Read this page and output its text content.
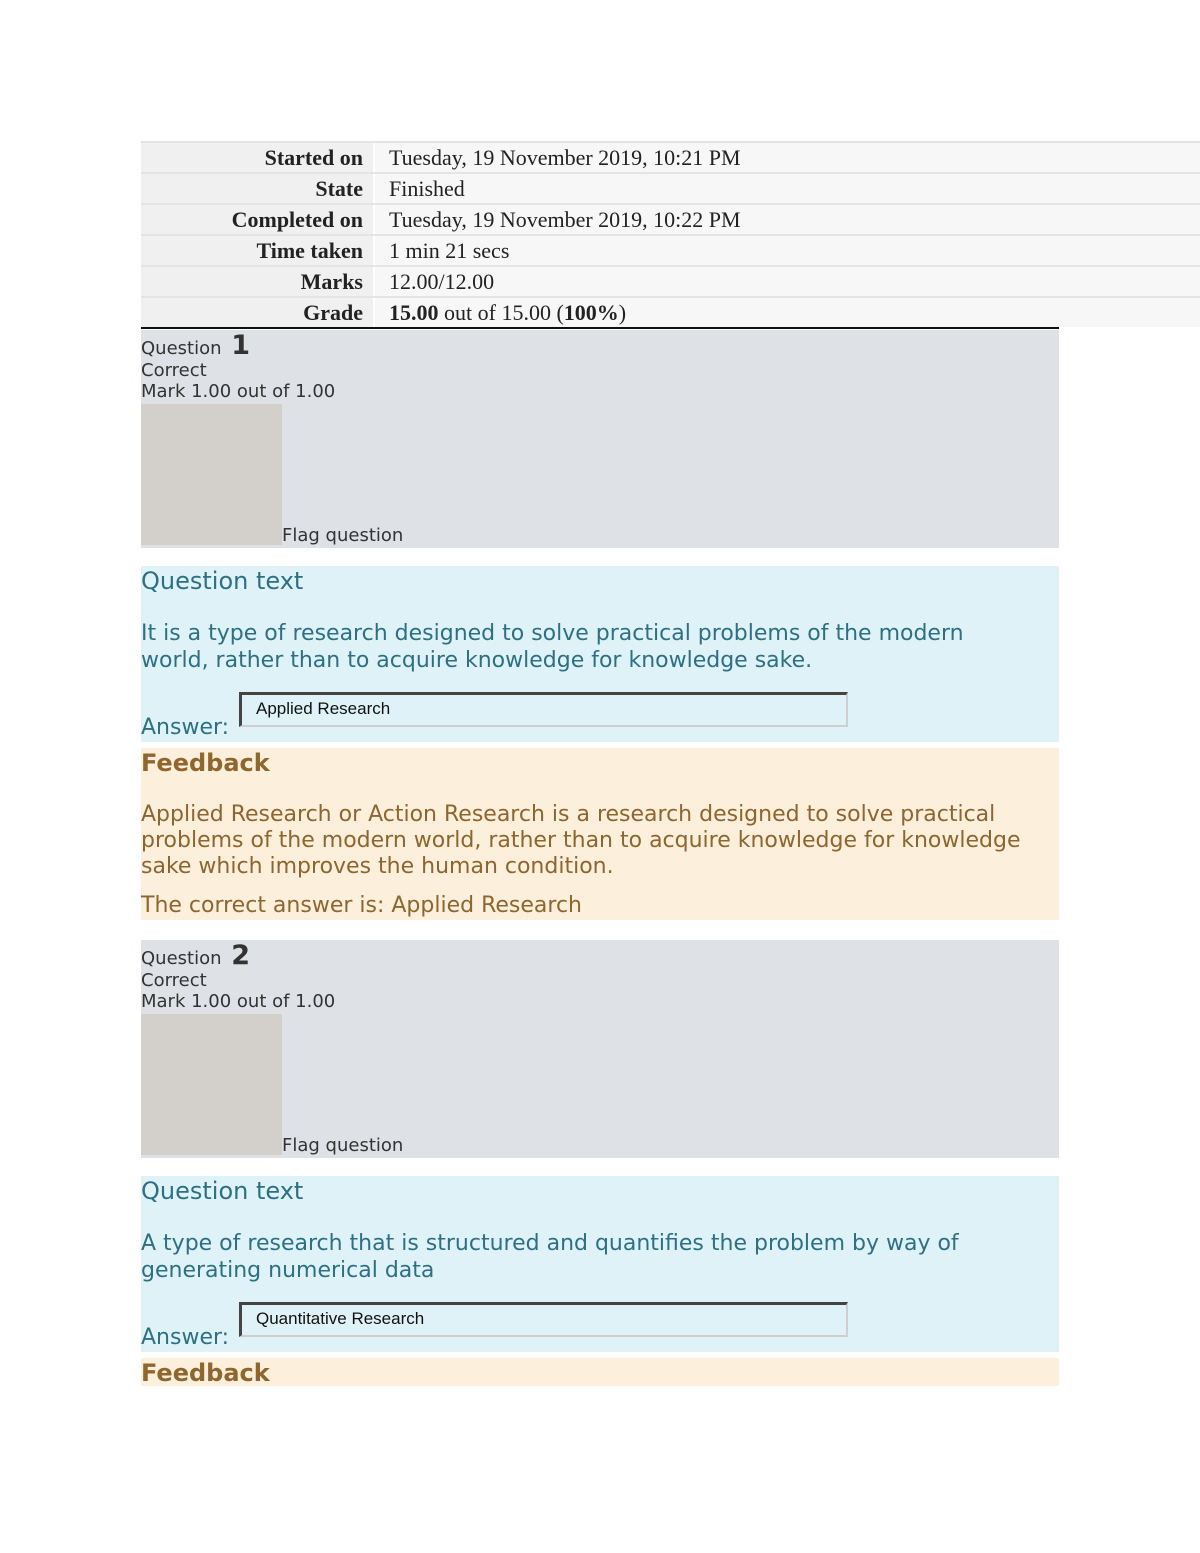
Started on	Tuesday, 19 November 2019, 10:21 PM
State	Finished
Completed on	Tuesday, 19 November 2019, 10:22 PM
Time taken	1 min 21 secs
Marks	12.00/12.00
Grade	15.00 out of 15.00 (100%)
Question 1
Correct
Mark 1.00 out of 1.00
Flag question
Question text
It is a type of research designed to solve practical problems of the modern world, rather than to acquire knowledge for knowledge sake.
Answer:
Applied Research
Feedback
Applied Research or Action Research is a research designed to solve practical problems of the modern world, rather than to acquire knowledge for knowledge sake which improves the human condition.
The correct answer is: Applied Research
Question 2
Correct
Mark 1.00 out of 1.00
Flag question
Question text
A type of research that is structured and quantifies the problem by way of generating numerical data
Answer:
Quantitative Research
Feedback
